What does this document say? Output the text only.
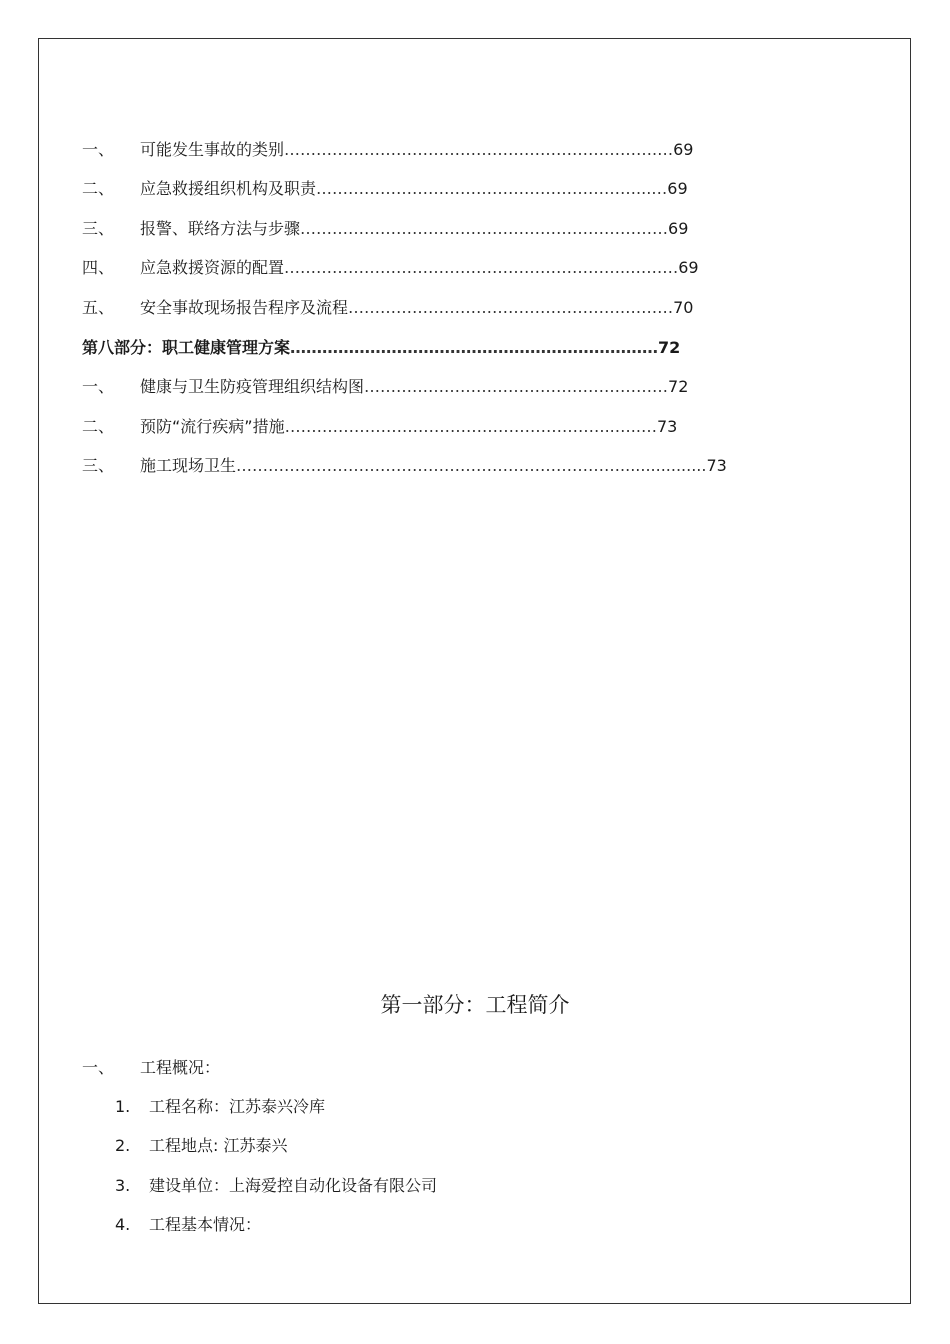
一、 可能发生事故的类别…………………………………………………………….…69
二、 应急救援组织机构及职责……………………………………………………...…69
三、 报警、联络方法与步骤……………………………………………………………69
四、 应急救援资源的配置………………………………………………………..………69
五、 安全事故现场报告程序及流程…………………………………………….………70
第八部分：职工健康管理方案……………………………………………………………72
一、 健康与卫生防疫管理组织结构图…………………………………………………72
二、 预防“流行疾病”措施……………………………………………………..…..…73
三、 施工现场卫生……………………………………………………………….................73
第一部分：工程简介
一、 工程概况：
1. 工程名称：江苏泰兴冷库
2. 工程地点: 江苏泰兴
3. 建设单位：上海爱控自动化设备有限公司
4. 工程基本情况：
